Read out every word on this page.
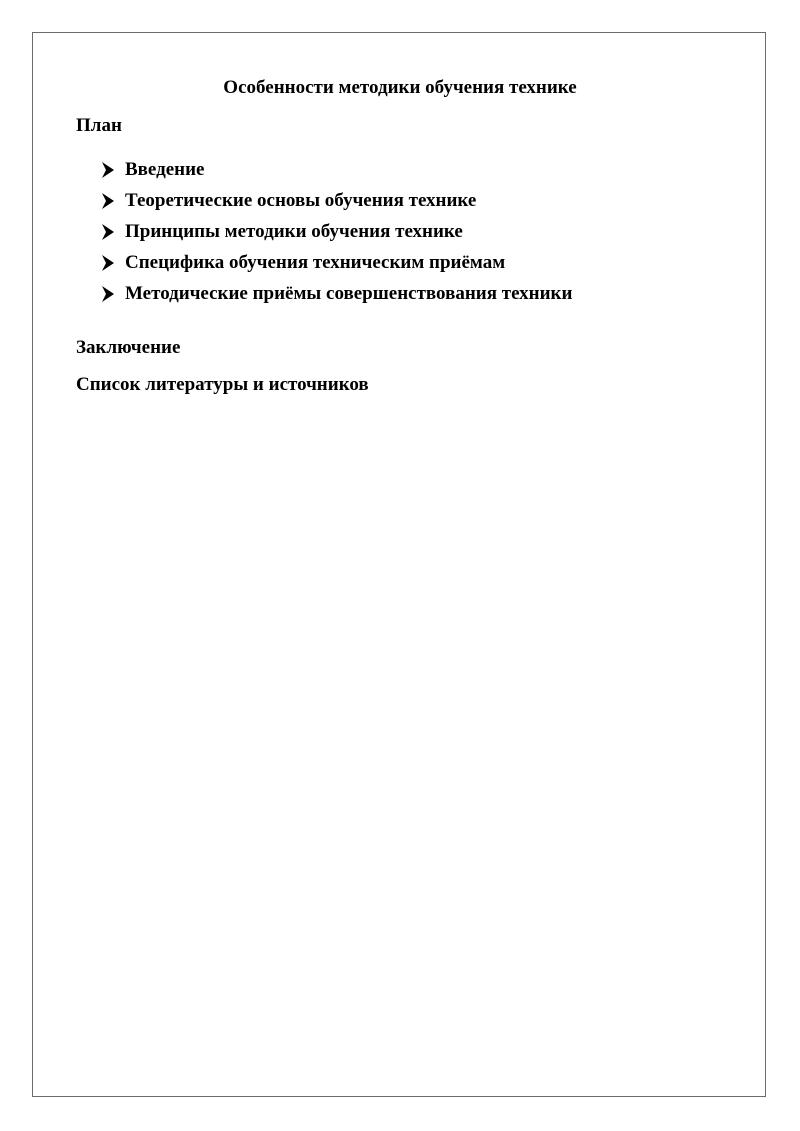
Особенности методики обучения технике
План
Введение
Теоретические основы обучения технике
Принципы методики обучения технике
Специфика обучения техническим приёмам
Методические приёмы совершенствования техники
Заключение
Список литературы и источников
